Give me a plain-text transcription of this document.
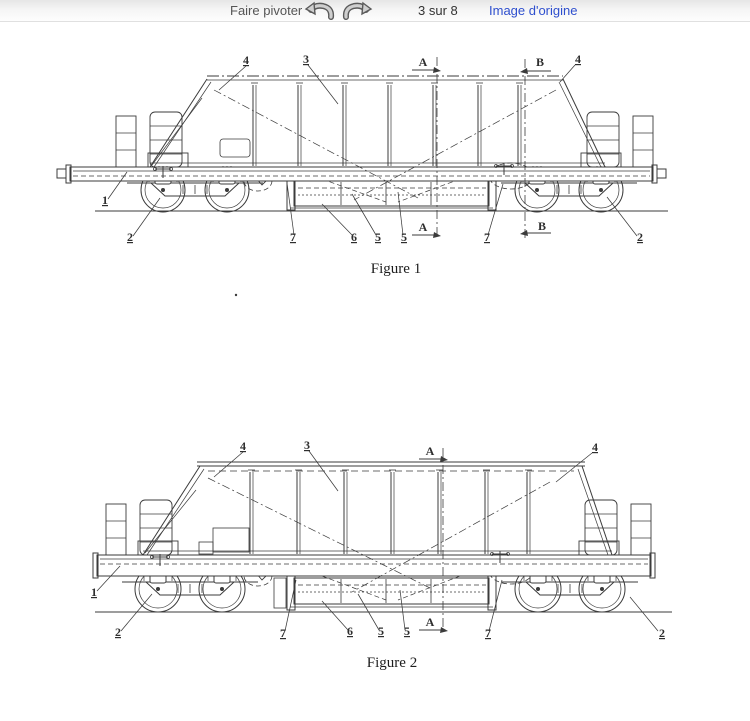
Faire pivoter	3 sur 8 Image d'origine
4	3	A	B	4
1
2	7	6 5 5
A
7
B
2
Figure 1
4	3	A	4
1
2	7	6 5 5
A
7	2
Figure 2
